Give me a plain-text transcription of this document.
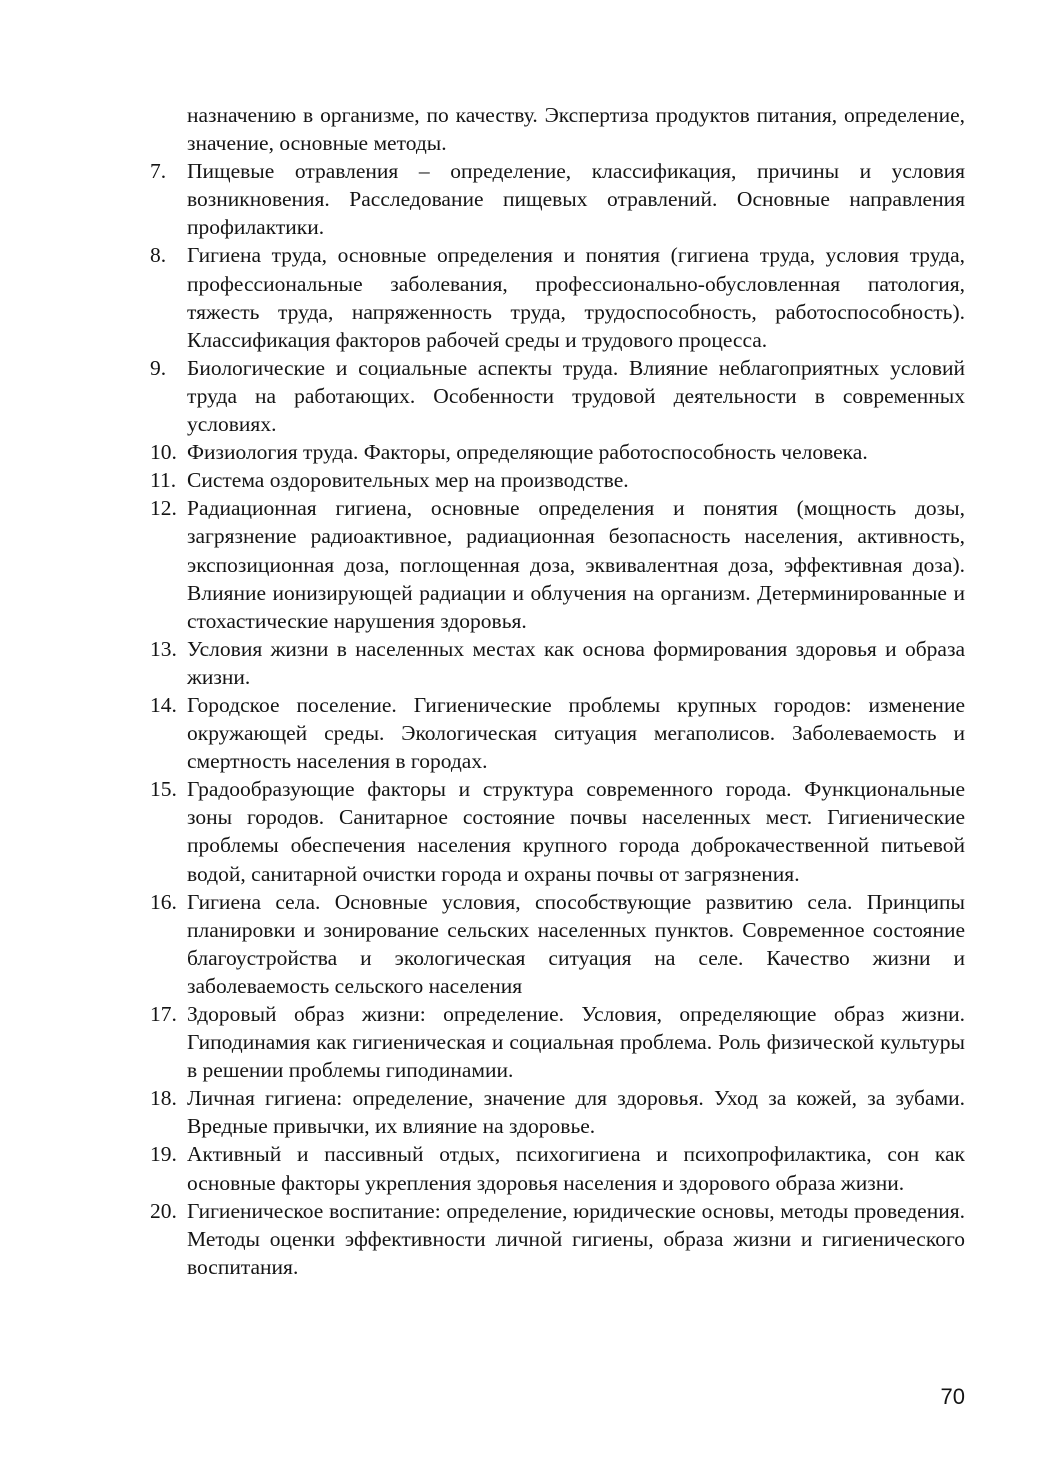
назначению в организме, по качеству. Экспертиза продуктов питания, определение, значение, основные методы.
7. Пищевые отравления – определение, классификация, причины и условия возникновения. Расследование пищевых отравлений. Основные направления профилактики.
8. Гигиена труда, основные определения и понятия (гигиена труда, условия труда, профессиональные заболевания, профессионально-обусловленная патология, тяжесть труда, напряженность труда, трудоспособность, работоспособность). Классификация факторов рабочей среды и трудового процесса.
9. Биологические и социальные аспекты труда. Влияние неблагоприятных условий труда на работающих. Особенности трудовой деятельности в современных условиях.
10. Физиология труда. Факторы, определяющие работоспособность человека.
11. Система оздоровительных мер на производстве.
12. Радиационная гигиена, основные определения и понятия (мощность дозы, загрязнение радиоактивное, радиационная безопасность населения, активность, экспозиционная доза, поглощенная доза, эквивалентная доза, эффективная доза). Влияние ионизирующей радиации и облучения на организм. Детерминированные и стохастические нарушения здоровья.
13. Условия жизни в населенных местах как основа формирования здоровья и образа жизни.
14. Городское поселение. Гигиенические проблемы крупных городов: изменение окружающей среды. Экологическая ситуация мегаполисов. Заболеваемость и смертность населения в городах.
15. Градообразующие факторы и структура современного города. Функциональные зоны городов. Санитарное состояние почвы населенных мест. Гигиенические проблемы обеспечения населения крупного города доброкачественной питьевой водой, санитарной очистки города и охраны почвы от загрязнения.
16. Гигиена села. Основные условия, способствующие развитию села. Принципы планировки и зонирование сельских населенных пунктов. Современное состояние благоустройства и экологическая ситуация на селе. Качество жизни и заболеваемость сельского населения
17. Здоровый образ жизни: определение. Условия, определяющие образ жизни. Гиподинамия как гигиеническая и социальная проблема. Роль физической культуры в решении проблемы гиподинамии.
18. Личная гигиена: определение, значение для здоровья. Уход за кожей, за зубами. Вредные привычки, их влияние на здоровье.
19. Активный и пассивный отдых, психогигиена и психопрофилактика, сон как основные факторы укрепления здоровья населения и здорового образа жизни.
20. Гигиеническое воспитание: определение, юридические основы, методы проведения. Методы оценки эффективности личной гигиены, образа жизни и гигиенического воспитания.
70
